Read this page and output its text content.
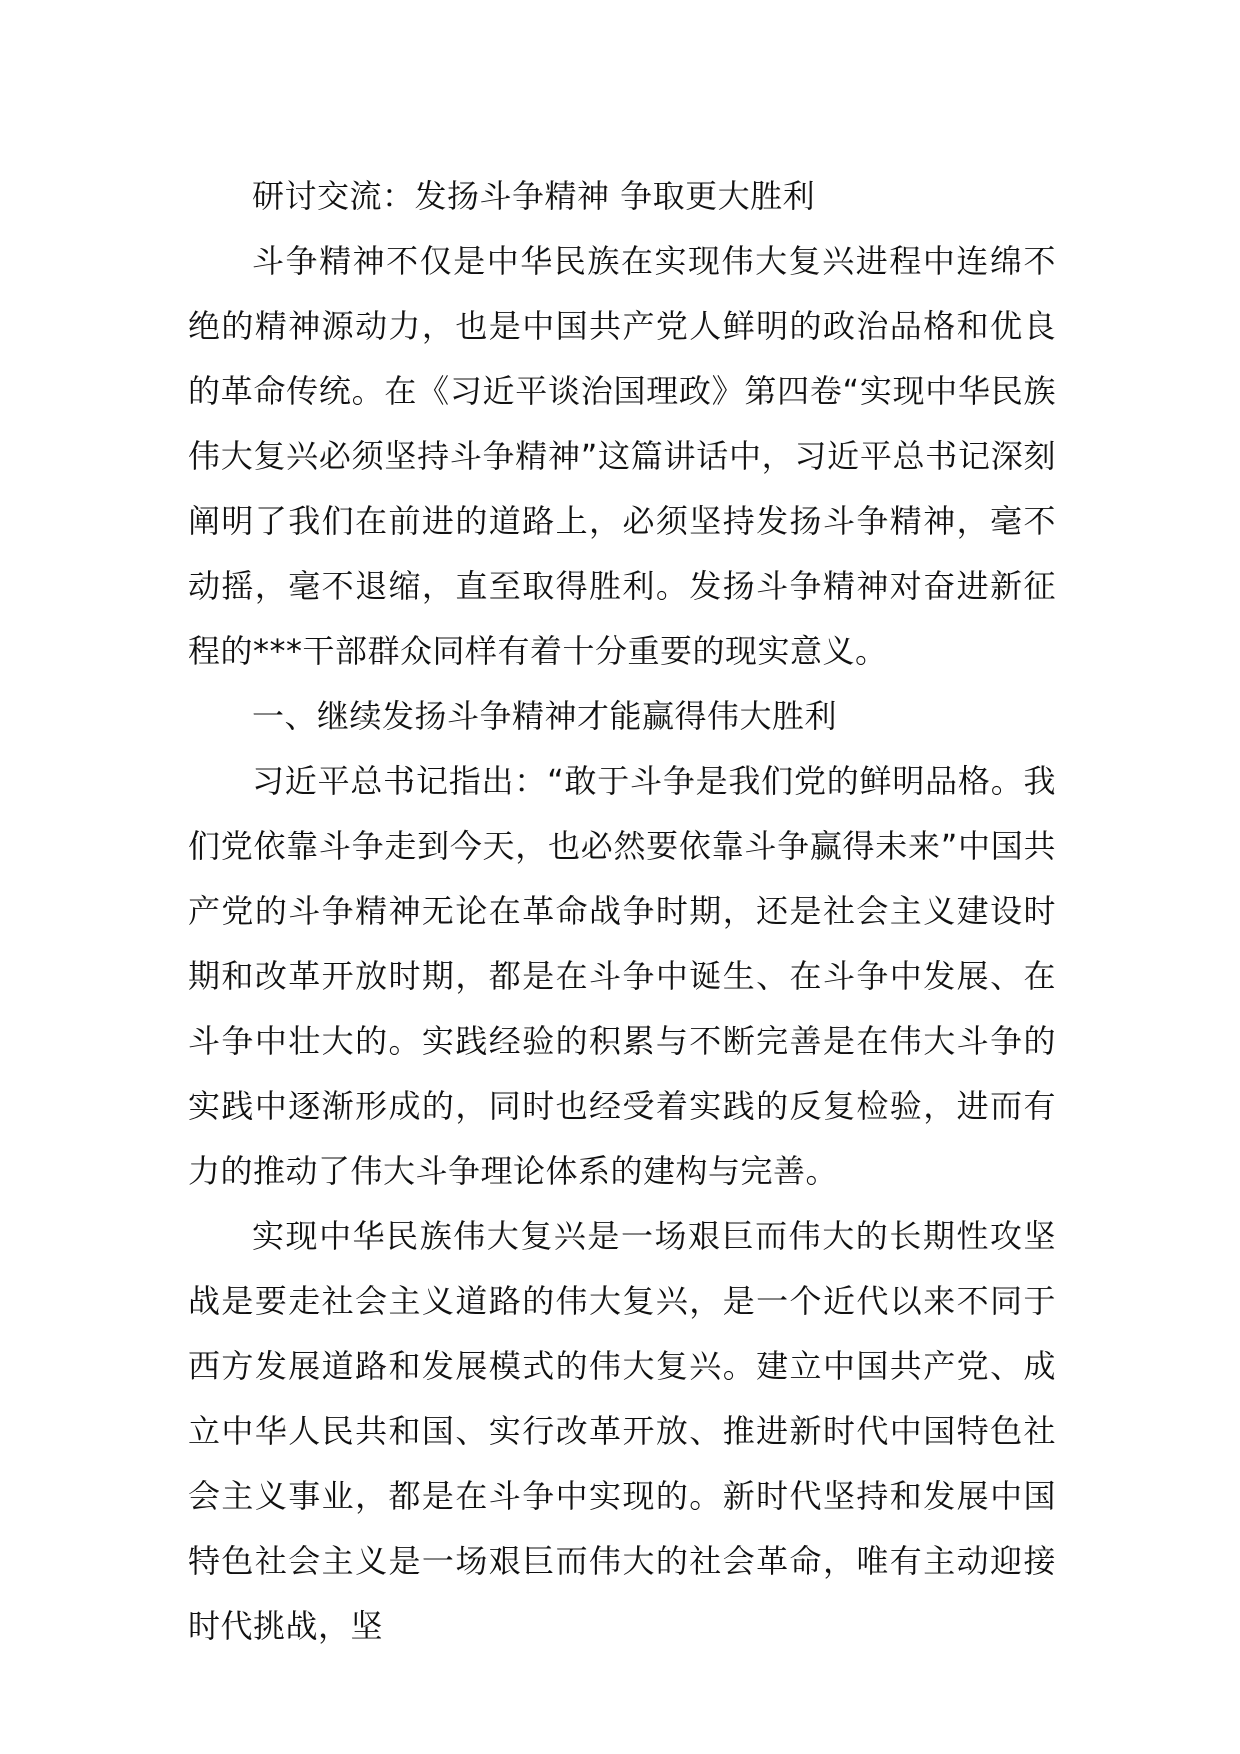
研讨交流：发扬斗争精神 争取更大胜利

斗争精神不仅是中华民族在实现伟大复兴进程中连绵不绝的精神源动力，也是中国共产党人鲜明的政治品格和优良的革命传统。在《习近平谈治国理政》第四卷“实现中华民族伟大复兴必须坚持斗争精神”这篇讲话中，习近平总书记深刻阐明了我们在前进的道路上，必须坚持发扬斗争精神，毫不动摇，毫不退缩，直至取得胜利。发扬斗争精神对奋进新征程的***干部群众同样有着十分重要的现实意义。

一、继续发扬斗争精神才能赢得伟大胜利

习近平总书记指出：“敢于斗争是我们党的鲜明品格。我们党依靠斗争走到今天，也必然要依靠斗争赢得未来”中国共产党的斗争精神无论在革命战争时期，还是社会主义建设时期和改革开放时期，都是在斗争中诞生、在斗争中发展、在斗争中壮大的。实践经验的积累与不断完善是在伟大斗争的实践中逐渐形成的，同时也经受着实践的反复检验，进而有力的推动了伟大斗争理论体系的建构与完善。

实现中华民族伟大复兴是一场艰巨而伟大的长期性攻坚战是要走社会主义道路的伟大复兴，是一个近代以来不同于西方发展道路和发展模式的伟大复兴。建立中国共产党、成立中华人民共和国、实行改革开放、推进新时代中国特色社会主义事业，都是在斗争中实现的。新时代坚持和发展中国特色社会主义是一场艰巨而伟大的社会革命，唯有主动迎接时代挑战，坚
